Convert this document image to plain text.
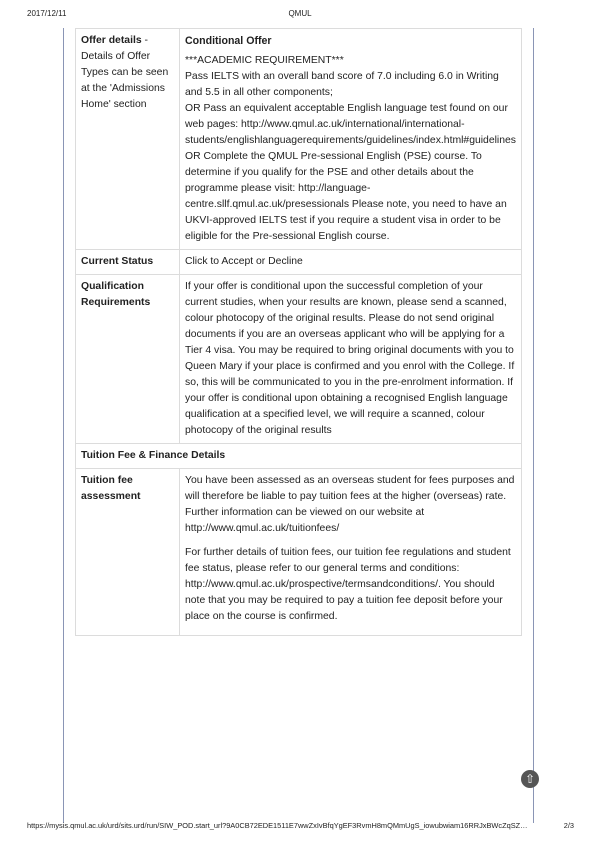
2017/12/11	QMUL
Offer details - Details of Offer Types can be seen at the 'Admissions Home' section	Conditional Offer
***ACADEMIC REQUIREMENT***
Pass IELTS with an overall band score of 7.0 including 6.0 in Writing and 5.5 in all other components;
OR Pass an equivalent acceptable English language test found on our web pages: http://www.qmul.ac.uk/international/international-students/englishlanguagerequirements/guidelines/index.html#guidelines
OR Complete the QMUL Pre-sessional English (PSE) course. To determine if you qualify for the PSE and other details about the programme please visit: http://language-centre.sllf.qmul.ac.uk/presessionals Please note, you need to have an UKVI-approved IELTS test if you require a student visa in order to be eligible for the Pre-sessional English course.

Current Status	Click to Accept or Decline
Qualification Requirements	If your offer is conditional upon the successful completion of your current studies, when your results are known, please send a scanned, colour photocopy of the original results. Please do not send original documents if you are an overseas applicant who will be applying for a Tier 4 visa. You may be required to bring original documents with you to Queen Mary if your place is confirmed and you enrol with the College. If so, this will be communicated to you in the pre-enrolment information. If your offer is conditional upon obtaining a recognised English language qualification at a specified level, we will require a scanned, colour photocopy of the original results
Tuition Fee & Finance Details	
Tuition fee assessment	You have been assessed as an overseas student for fees purposes and will therefore be liable to pay tuition fees at the higher (overseas) rate. Further information can be viewed on our website at http://www.qmul.ac.uk/tuitionfees/
For further details of tuition fees, our tuition fee regulations and student fee status, please refer to our general terms and conditions: http://www.qmul.ac.uk/prospective/termsandconditions/. You should note that you may be required to pay a tuition fee deposit before your place on the course is confirmed.
⇧
https://mysis.qmul.ac.uk/urd/sits.urd/run/SIW_POD.start_url?9A0CB72EDE1511E7wwZxIvBfqYgEF3RvmH8mQMmUgS_iowubwiam16RRJxBWcZqSZ…	2/3
